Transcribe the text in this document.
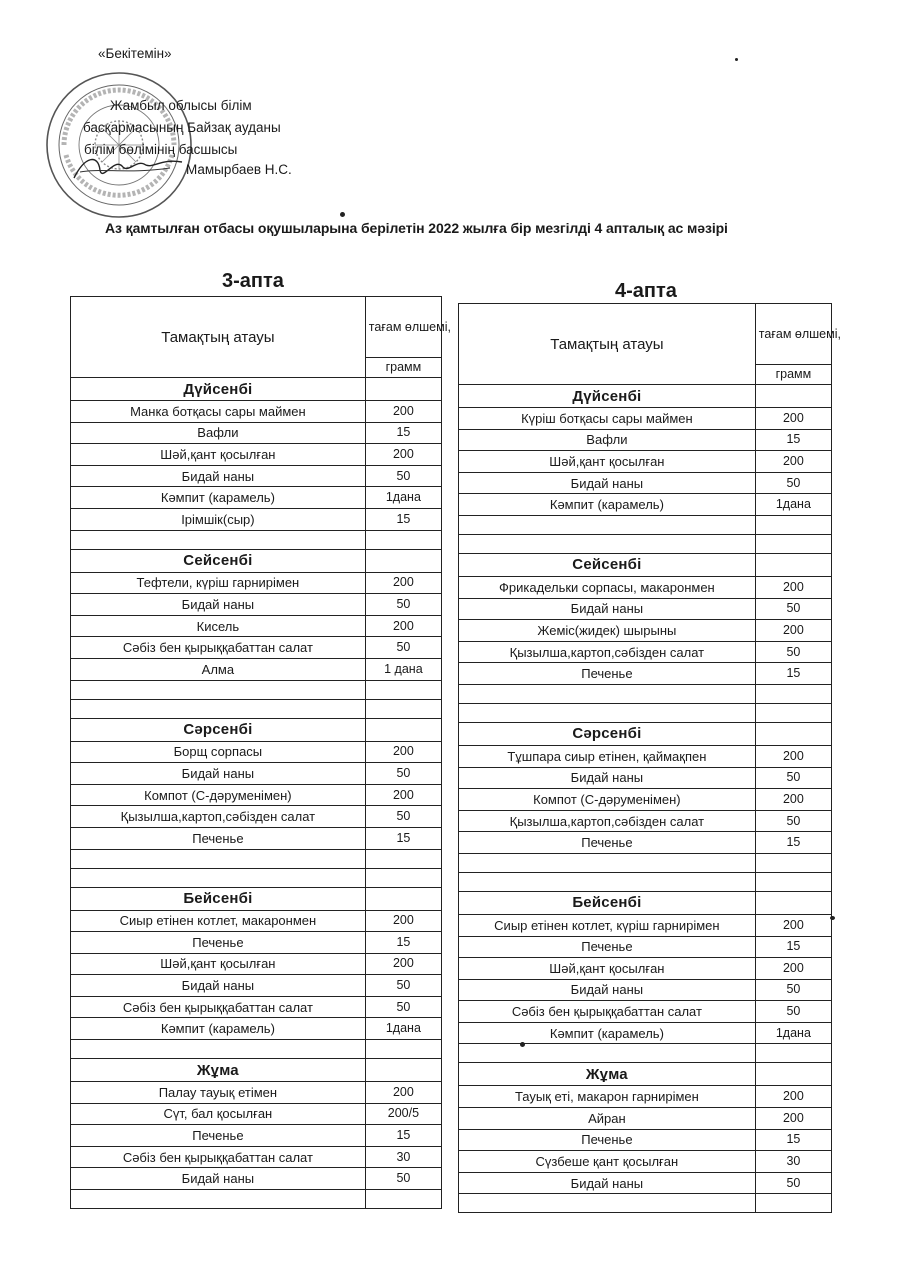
«Бекітемін»
Жамбыл облысы білім
басқармасының Байзақ ауданы
білім бөлімінің басшысы
Мамырбаев Н.С.
Аз қамтылған отбасы оқушыларына берілетін 2022 жылға бір мезгілді 4 апталық ас мәзірі
3-апта	4-апта
Тамақтың атауы	тағам өлшемі,
	грамм
Дүйсенбі	
Манка ботқасы сары маймен	200
Вафли	15
Шәй,қант қосылған	200
Бидай наны	50
Кәмпит (карамель)	1дана
Ірімшік(сыр)	15

Сейсенбі	
Тефтели, күріш гарнирімен	200
Бидай наны	50
Кисель	200
Сәбіз бен қырыққабаттан салат	50
Алма	1 дана

Сәрсенбі	
Борщ сорпасы	200
Бидай наны	50
Компот (С-дәруменімен)	200
Қызылша,картоп,сәбізден салат	50
Печенье	15

Бейсенбі	
Сиыр етінен котлет, макаронмен	200
Печенье	15
Шәй,қант қосылған	200
Бидай наны	50
Сәбіз бен қырыққабаттан салат	50
Кәмпит (карамель)	1дана

Жұма	
Палау тауық етімен	200
Сүт, бал қосылған	200/5
Печенье	15
Сәбіз бен қырыққабаттан салат	30
Бидай наны	50

Тамақтың атауы	тағам өлшемі,
	грамм
Дүйсенбі	
Күріш ботқасы сары маймен	200
Вафли	15
Шәй,қант қосылған	200
Бидай наны	50
Кәмпит (карамель)	1дана

Сейсенбі	
Фрикадельки сорпасы, макаронмен	200
Бидай наны	50
Жеміс(жидек) шырыны	200
Қызылша,картоп,сәбізден салат	50
Печенье	15

Сәрсенбі	
Тұшпара сиыр етінен, қаймақпен	200
Бидай наны	50
Компот (С-дәруменімен)	200
Қызылша,картоп,сәбізден салат	50
Печенье	15

Бейсенбі	
Сиыр етінен котлет, күріш гарнирімен	200
Печенье	15
Шәй,қант қосылған	200
Бидай наны	50
Сәбіз бен қырыққабаттан салат	50
Кәмпит (карамель)	1дана

Жұма	
Тауық еті, макарон гарнирімен	200
Айран	200
Печенье	15
Сүзбеше қант қосылған	30
Бидай наны	50
